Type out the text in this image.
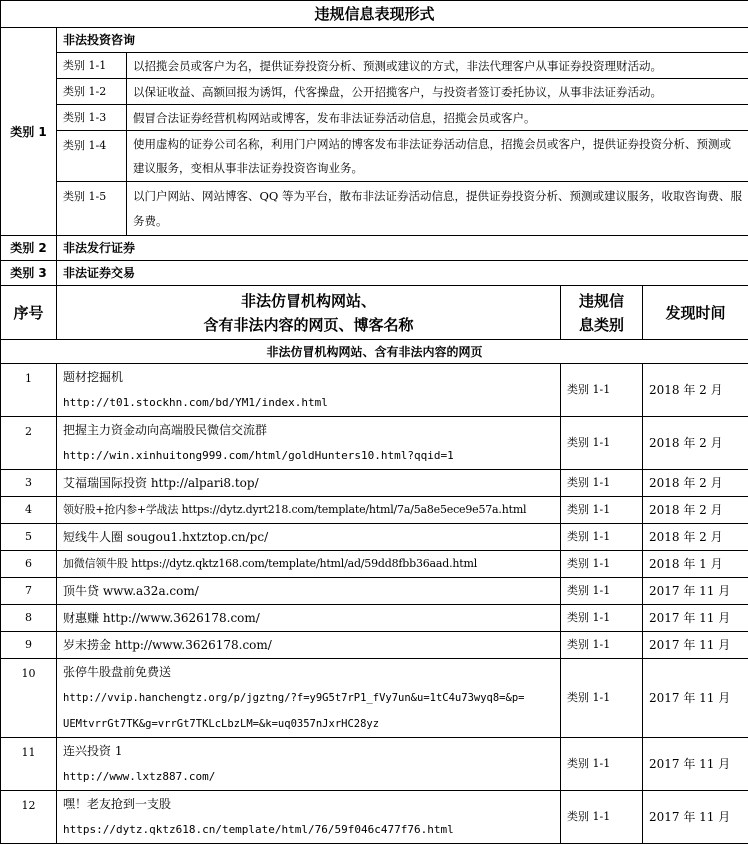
违规信息表现形式				
类别 1	非法投资咨询			
	类别 1-1	以招揽会员或客户为名，提供证券投资分析、预测或建议的方式，非法代理客户从事证券投资理财活动。		
	类别 1-2	以保证收益、高额回报为诱饵，代客操盘，公开招揽客户，与投资者签订委托协议，从事非法证券活动。		
	类别 1-3	假冒合法证券经营机构网站或博客，发布非法证券活动信息，招揽会员或客户。		
	类别 1-4	使用虚构的证券公司名称，利用门户网站的博客发布非法证券活动信息，招揽会员或客户，提供证券投资分析、预测或建议服务，变相从事非法证券投资咨询业务。		
	类别 1-5	以门户网站、网站博客、QQ 等为平台，散布非法证券活动信息，提供证券投资分析、预测或建议服务，收取咨询费、服务费。		
类别 2	非法发行证券			
类别 3	非法证券交易			
序号	非法仿冒机构网站、
含有非法内容的网页、博客名称		违规信
息类别	发现时间
非法仿冒机构网站、含有非法内容的网页				
1	题材挖掘机
http://t01.stockhn.com/bd/YM1/index.html		类别 1-1	2018 年 2 月
2	把握主力资金动向高端股民微信交流群
http://win.xinhuitong999.com/html/goldHunters10.html?qqid=1		类别 1-1	2018 年 2 月
3	艾福瑞国际投资 http://alpari8.top/		类别 1-1	2018 年 2 月
4	领好股+抢内参+学战法 https://dytz.dyrt218.com/template/html/7a/5a8e5ece9e57a.html		类别 1-1	2018 年 2 月
5	短线牛人圈 sougou1.hxtztop.cn/pc/		类别 1-1	2018 年 2 月
6	加微信领牛股 https://dytz.qktz168.com/template/html/ad/59dd8fbb36aad.html		类别 1-1	2018 年 1 月
7	顶牛贷 www.a32a.com/		类别 1-1	2017 年 11 月
8	财惠赚 http://www.3626178.com/		类别 1-1	2017 年 11 月
9	岁末捞金 http://www.3626178.com/		类别 1-1	2017 年 11 月
10	张停牛股盘前免费送
http://vvip.hanchengtz.org/p/jgztng/?f=y9G5t7rP1_fVy7un&u=1tC4u73wyq8=&p=
UEMtvrrGt7TK&g=vrrGt7TKLcLbzLM=&k=uq0357nJxrHC28yz		类别 1-1	2017 年 11 月
11	连兴投资 1
http://www.lxtz887.com/		类别 1-1	2017 年 11 月
12	嘿！老友抢到一支股
https://dytz.qktz618.cn/template/html/76/59f046c477f76.html		类别 1-1	2017 年 11 月
